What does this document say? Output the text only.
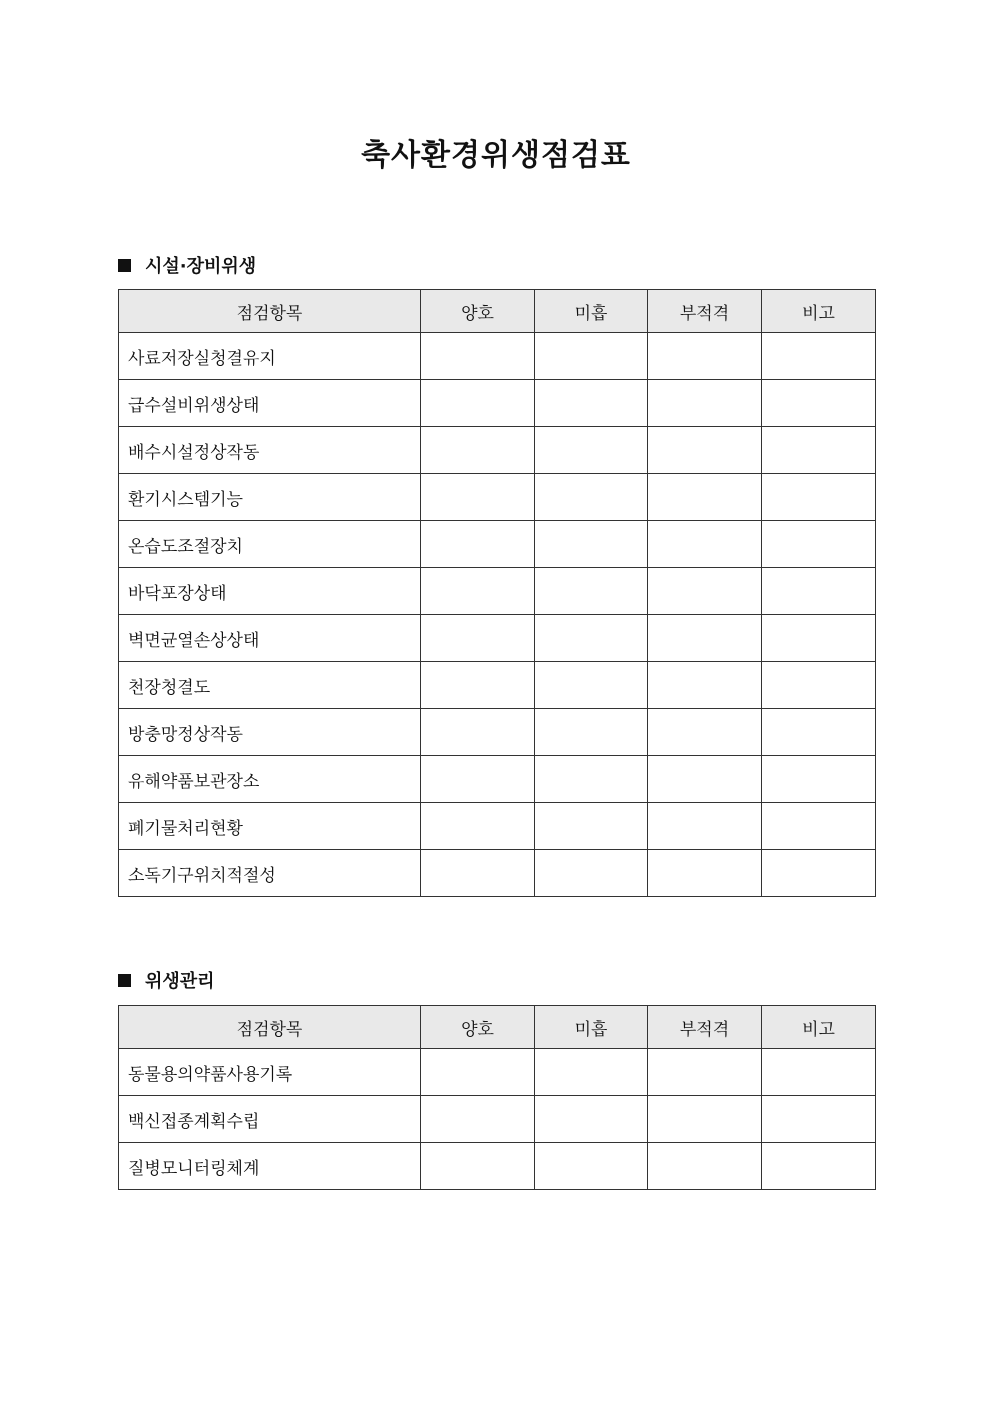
축사환경위생점검표
시설·장비위생
점검항목	양호	미흡	부적격	비고
사료저장실청결유지				
급수설비위생상태				
배수시설정상작동				
환기시스템기능				
온습도조절장치				
바닥포장상태				
벽면균열손상상태				
천장청결도				
방충망정상작동				
유해약품보관장소				
폐기물처리현황				
소독기구위치적절성				
위생관리
점검항목	양호	미흡	부적격	비고
동물용의약품사용기록				
백신접종계획수립				
질병모니터링체계				
